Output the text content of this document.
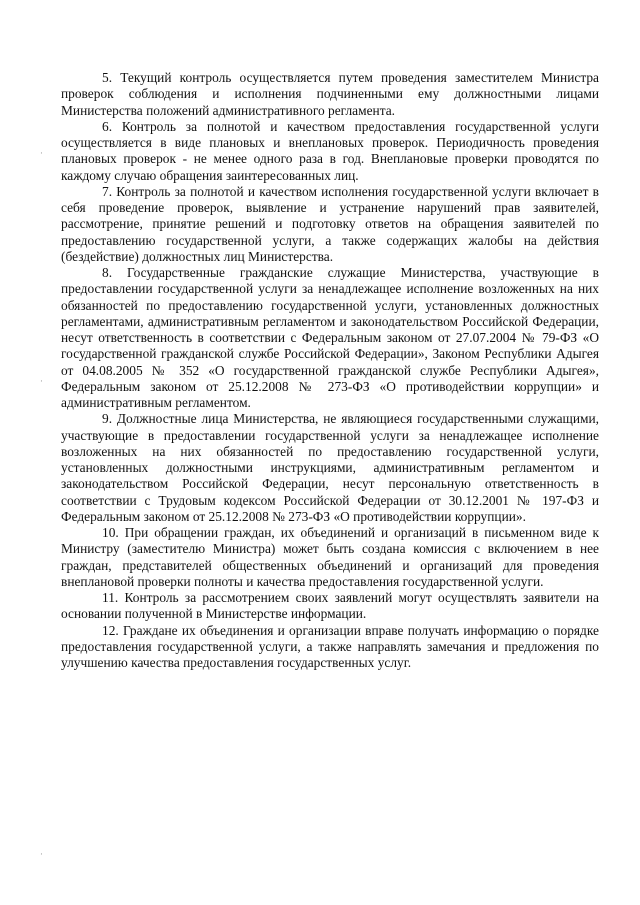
·
·
·

5. Текущий контроль осуществляется путем проведения заместителем Министра проверок соблюдения и исполнения подчиненными ему должностными лицами Министерства положений административного регламента.

6. Контроль за полнотой и качеством предоставления государственной услуги осуществляется в виде плановых и внеплановых проверок. Периодичность проведения плановых проверок - не менее одного раза в год. Внеплановые проверки проводятся по каждому случаю обращения заинтересованных лиц.

7. Контроль за полнотой и качеством исполнения государственной услуги включает в себя проведение проверок, выявление и устранение нарушений прав заявителей, рассмотрение, принятие решений и подготовку ответов на обращения заявителей по предоставлению государственной услуги, а также содержащих жалобы на действия (бездействие) должностных лиц Министерства.

8. Государственные гражданские служащие Министерства, участвующие в предоставлении государственной услуги за ненадлежащее исполнение возложенных на них обязанностей по предоставлению государственной услуги, установленных должностных регламентами, административным регламентом и законодательством Российской Федерации, несут ответственность в соответствии с Федеральным законом от 27.07.2004 № 79-ФЗ «О государственной гражданской службе Российской Федерации», Законом Республики Адыгея от 04.08.2005 № 352 «О государственной гражданской службе Республики Адыгея», Федеральным законом от 25.12.2008 № 273-ФЗ «О противодействии коррупции» и административным регламентом.

9. Должностные лица Министерства, не являющиеся государственными служащими, участвующие в предоставлении государственной услуги за ненадлежащее исполнение возложенных на них обязанностей по предоставлению государственной услуги, установленных должностными инструкциями, административным регламентом и законодательством Российской Федерации, несут персональную ответственность в соответствии с Трудовым кодексом Российской Федерации от 30.12.2001 № 197-ФЗ и Федеральным законом от 25.12.2008 № 273-ФЗ «О противодействии коррупции».

10. При обращении граждан, их объединений и организаций в письменном виде к Министру (заместителю Министра) может быть создана комиссия с включением в нее граждан, представителей общественных объединений и организаций для проведения внеплановой проверки полноты и качества предоставления государственной услуги.

11. Контроль за рассмотрением своих заявлений могут осуществлять заявители на основании полученной в Министерстве информации.

12. Граждане их объединения и организации вправе получать информацию о порядке предоставления государственной услуги, а также направлять замечания и предложения по улучшению качества предоставления государственных услуг.
